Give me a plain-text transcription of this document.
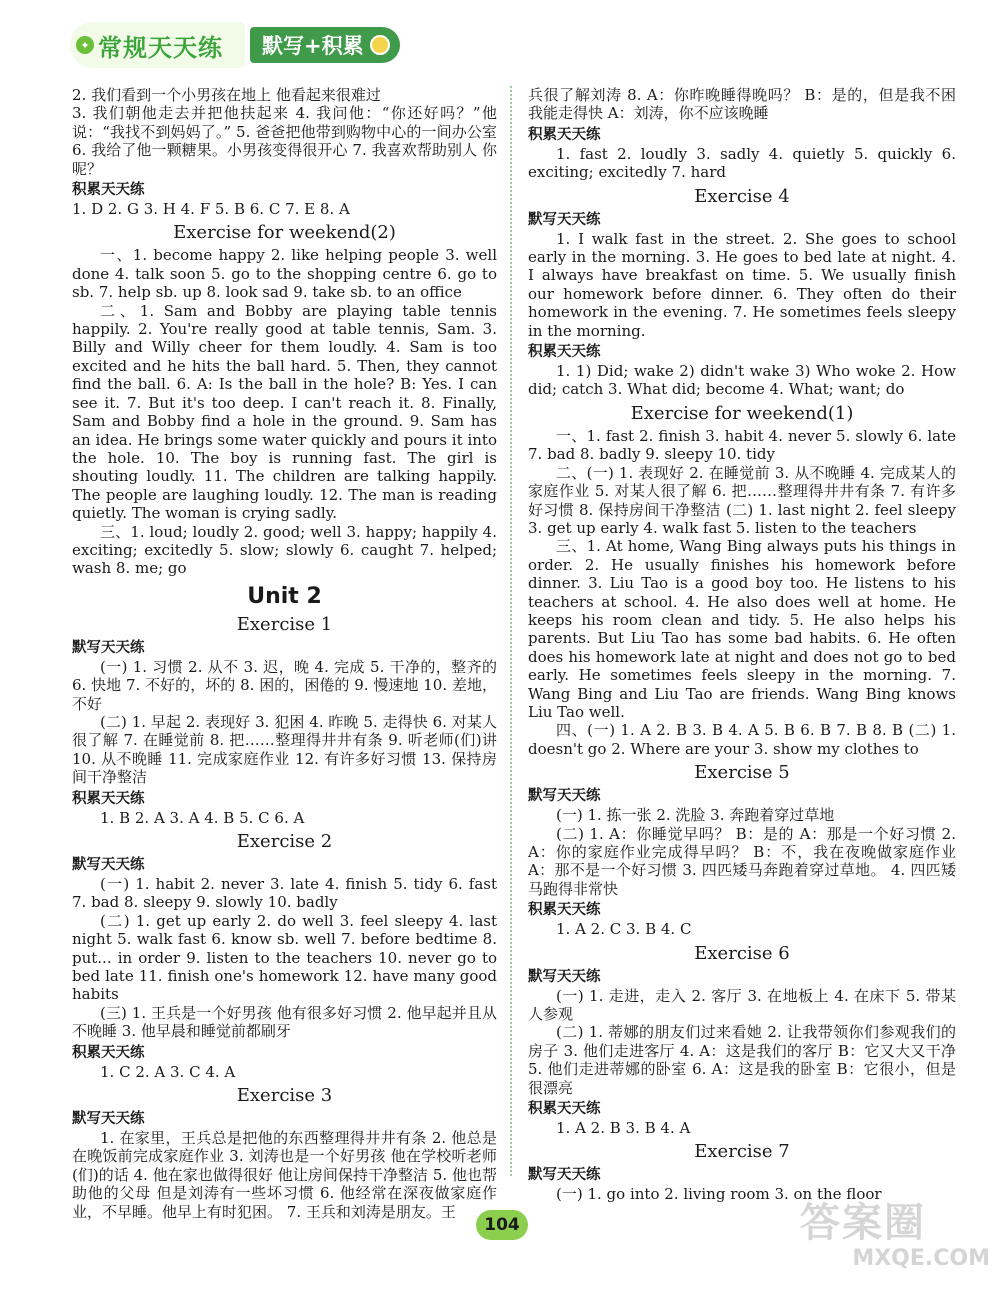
✦ 常规天天练 默写+积累

2. 我们看到一个小男孩在地上 他看起来很难过

3. 我们朝他走去并把他扶起来 4. 我问他：“你还好吗？”他说：“我找不到妈妈了。” 5. 爸爸把他带到购物中心的一间办公室 6. 我给了他一颗糖果。小男孩变得很开心 7. 我喜欢帮助别人 你呢？

积累天天练

1. D 2. G 3. H 4. F 5. B 6. C 7. E 8. A

Exercise for weekend(2)

一、1. become happy 2. like helping people 3. well done 4. talk soon 5. go to the shopping centre 6. go to sb. 7. help sb. up 8. look sad 9. take sb. to an office

二、1. Sam and Bobby are playing table tennis happily. 2. You're really good at table tennis, Sam. 3. Billy and Willy cheer for them loudly. 4. Sam is too excited and he hits the ball hard. 5. Then, they cannot find the ball. 6. A: Is the ball in the hole? B: Yes. I can see it. 7. But it's too deep. I can't reach it. 8. Finally, Sam and Bobby find a hole in the ground. 9. Sam has an idea. He brings some water quickly and pours it into the hole. 10. The boy is running fast. The girl is shouting loudly. 11. The children are talking happily. The people are laughing loudly. 12. The man is reading quietly. The woman is crying sadly.

三、1. loud; loudly 2. good; well 3. happy; happily 4. exciting; excitedly 5. slow; slowly 6. caught 7. helped; wash 8. me; go

Unit 2
Exercise 1
默写天天练

(一) 1. 习惯 2. 从不 3. 迟，晚 4. 完成 5. 干净的，整齐的 6. 快地 7. 不好的，坏的 8. 困的，困倦的 9. 慢速地 10. 差地，不好

(二) 1. 早起 2. 表现好 3. 犯困 4. 昨晚 5. 走得快 6. 对某人很了解 7. 在睡觉前 8. 把……整理得井井有条 9. 听老师(们)讲 10. 从不晚睡 11. 完成家庭作业 12. 有许多好习惯 13. 保持房间干净整洁

积累天天练

1. B 2. A 3. A 4. B 5. C 6. A

Exercise 2
默写天天练

(一) 1. habit 2. never 3. late 4. finish 5. tidy 6. fast 7. bad 8. sleepy 9. slowly 10. badly

(二) 1. get up early 2. do well 3. feel sleepy 4. last night 5. walk fast 6. know sb. well 7. before bedtime 8. put... in order 9. listen to the teachers 10. never go to bed late 11. finish one's homework 12. have many good habits

(三) 1. 王兵是一个好男孩 他有很多好习惯 2. 他早起并且从不晚睡 3. 他早晨和睡觉前都刷牙

积累天天练

1. C 2. A 3. C 4. A

Exercise 3
默写天天练

1. 在家里，王兵总是把他的东西整理得井井有条 2. 他总是在晚饭前完成家庭作业 3. 刘涛也是一个好男孩 他在学校听老师(们)的话 4. 他在家也做得很好 他让房间保持干净整洁 5. 他也帮助他的父母 但是刘涛有一些坏习惯 6. 他经常在深夜做家庭作业，不早睡。他早上有时犯困。 7. 王兵和刘涛是朋友。王

兵很了解刘涛 8. A：你昨晚睡得晚吗？ B：是的，但是我不困 我能走得快 A：刘涛，你不应该晚睡

积累天天练

1. fast 2. loudly 3. sadly 4. quietly 5. quickly 6. exciting; excitedly 7. hard

Exercise 4
默写天天练

1. I walk fast in the street. 2. She goes to school early in the morning. 3. He goes to bed late at night. 4. I always have breakfast on time. 5. We usually finish our homework before dinner. 6. They often do their homework in the evening. 7. He sometimes feels sleepy in the morning.

积累天天练

1. 1) Did; wake 2) didn't wake 3) Who woke 2. How did; catch 3. What did; become 4. What; want; do

Exercise for weekend(1)

一、1. fast 2. finish 3. habit 4. never 5. slowly 6. late 7. bad 8. badly 9. sleepy 10. tidy

二、(一) 1. 表现好 2. 在睡觉前 3. 从不晚睡 4. 完成某人的家庭作业 5. 对某人很了解 6. 把……整理得井井有条 7. 有许多好习惯 8. 保持房间干净整洁 (二) 1. last night 2. feel sleepy 3. get up early 4. walk fast 5. listen to the teachers

三、1. At home, Wang Bing always puts his things in order. 2. He usually finishes his homework before dinner. 3. Liu Tao is a good boy too. He listens to his teachers at school. 4. He also does well at home. He keeps his room clean and tidy. 5. He also helps his parents. But Liu Tao has some bad habits. 6. He often does his homework late at night and does not go to bed early. He sometimes feels sleepy in the morning. 7. Wang Bing and Liu Tao are friends. Wang Bing knows Liu Tao well.

四、(一) 1. A 2. B 3. B 4. A 5. B 6. B 7. B 8. B (二) 1. doesn't go 2. Where are your 3. show my clothes to

Exercise 5
默写天天练

(一) 1. 拣一张 2. 洗脸 3. 奔跑着穿过草地

(二) 1. A：你睡觉早吗？ B：是的 A：那是一个好习惯 2. A：你的家庭作业完成得早吗？ B：不，我在夜晚做家庭作业 A：那不是一个好习惯 3. 四匹矮马奔跑着穿过草地。 4. 四匹矮马跑得非常快

积累天天练

1. A 2. C 3. B 4. C

Exercise 6
默写天天练

(一) 1. 走进，走入 2. 客厅 3. 在地板上 4. 在床下 5. 带某人参观

(二) 1. 蒂娜的朋友们过来看她 2. 让我带领你们参观我们的房子 3. 他们走进客厅 4. A：这是我们的客厅 B：它又大又干净 5. 他们走进蒂娜的卧室 6. A：这是我的卧室 B：它很小，但是很漂亮

积累天天练

1. A 2. B 3. B 4. A

Exercise 7
默写天天练

(一) 1. go into 2. living room 3. on the floor

104	答案圈
MXQE.COM
